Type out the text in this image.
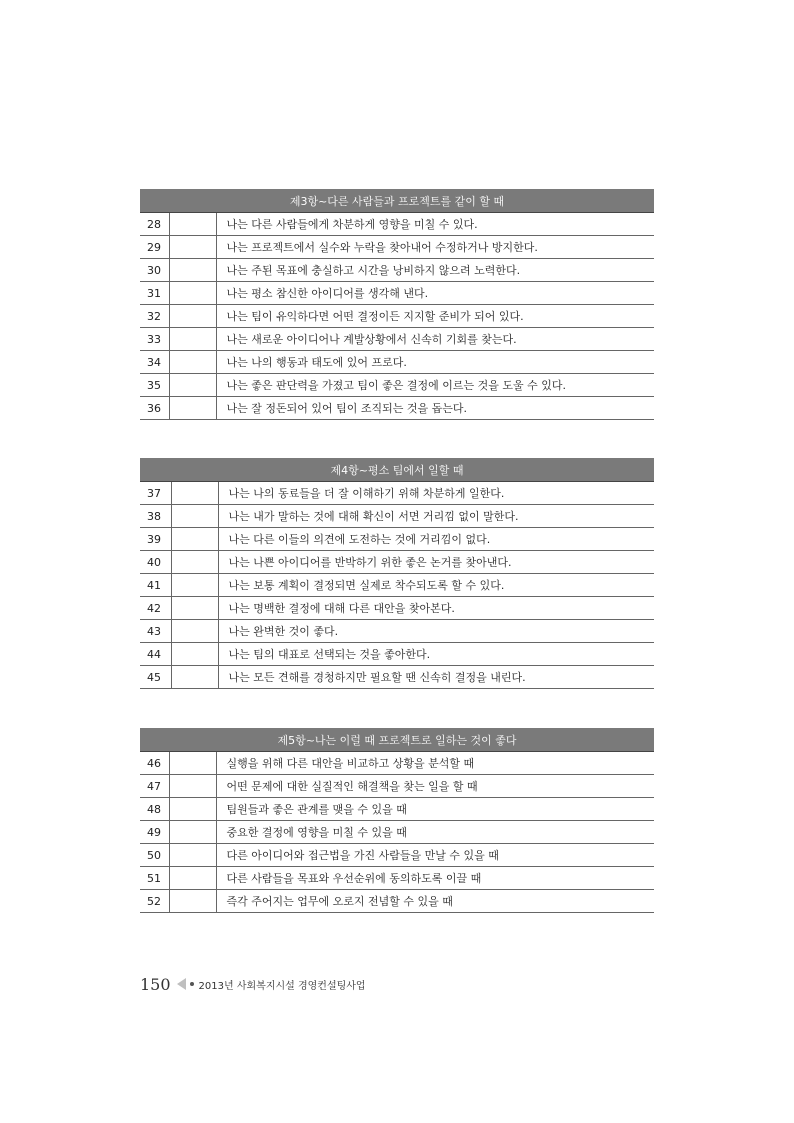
제3항~다른 사람들과 프로젝트를 같이 할 때		
28		나는 다른 사람들에게 차분하게 영향을 미칠 수 있다.
29		나는 프로젝트에서 실수와 누락을 찾아내어 수정하거나 방지한다.
30		나는 주된 목표에 충실하고 시간을 낭비하지 않으려 노력한다.
31		나는 평소 참신한 아이디어를 생각해 낸다.
32		나는 팀이 유익하다면 어떤 결정이든 지지할 준비가 되어 있다.
33		나는 새로운 아이디어나 계발상황에서 신속히 기회를 찾는다.
34		나는 나의 행동과 태도에 있어 프로다.
35		나는 좋은 판단력을 가졌고 팀이 좋은 결정에 이르는 것을 도울 수 있다.
36		나는 잘 정돈되어 있어 팀이 조직되는 것을 돕는다.
제4항~평소 팀에서 일할 때		
37		나는 나의 동료들을 더 잘 이해하기 위해 차분하게 일한다.
38		나는 내가 말하는 것에 대해 확신이 서면 거리낌 없이 말한다.
39		나는 다른 이들의 의견에 도전하는 것에 거리낌이 없다.
40		나는 나쁜 아이디어를 반박하기 위한 좋은 논거를 찾아낸다.
41		나는 보통 계획이 결정되면 실제로 착수되도록 할 수 있다.
42		나는 명백한 결정에 대해 다른 대안을 찾아본다.
43		나는 완벽한 것이 좋다.
44		나는 팀의 대표로 선택되는 것을 좋아한다.
45		나는 모든 견해를 경청하지만 필요할 땐 신속히 결정을 내린다.
제5항~나는 이럴 때 프로젝트로 일하는 것이 좋다		
46		실행을 위해 다른 대안을 비교하고 상황을 분석할 때
47		어떤 문제에 대한 실질적인 해결책을 찾는 일을 할 때
48		팀원들과 좋은 관계를 맺을 수 있을 때
49		중요한 결정에 영향을 미칠 수 있을 때
50		다른 아이디어와 접근법을 가진 사람들을 만날 수 있을 때
51		다른 사람들을 목표와 우선순위에 동의하도록 이끌 때
52		즉각 주어지는 업무에 오로지 전념할 수 있을 때
150	2013년 사회복지시설 경영컨설팅사업
